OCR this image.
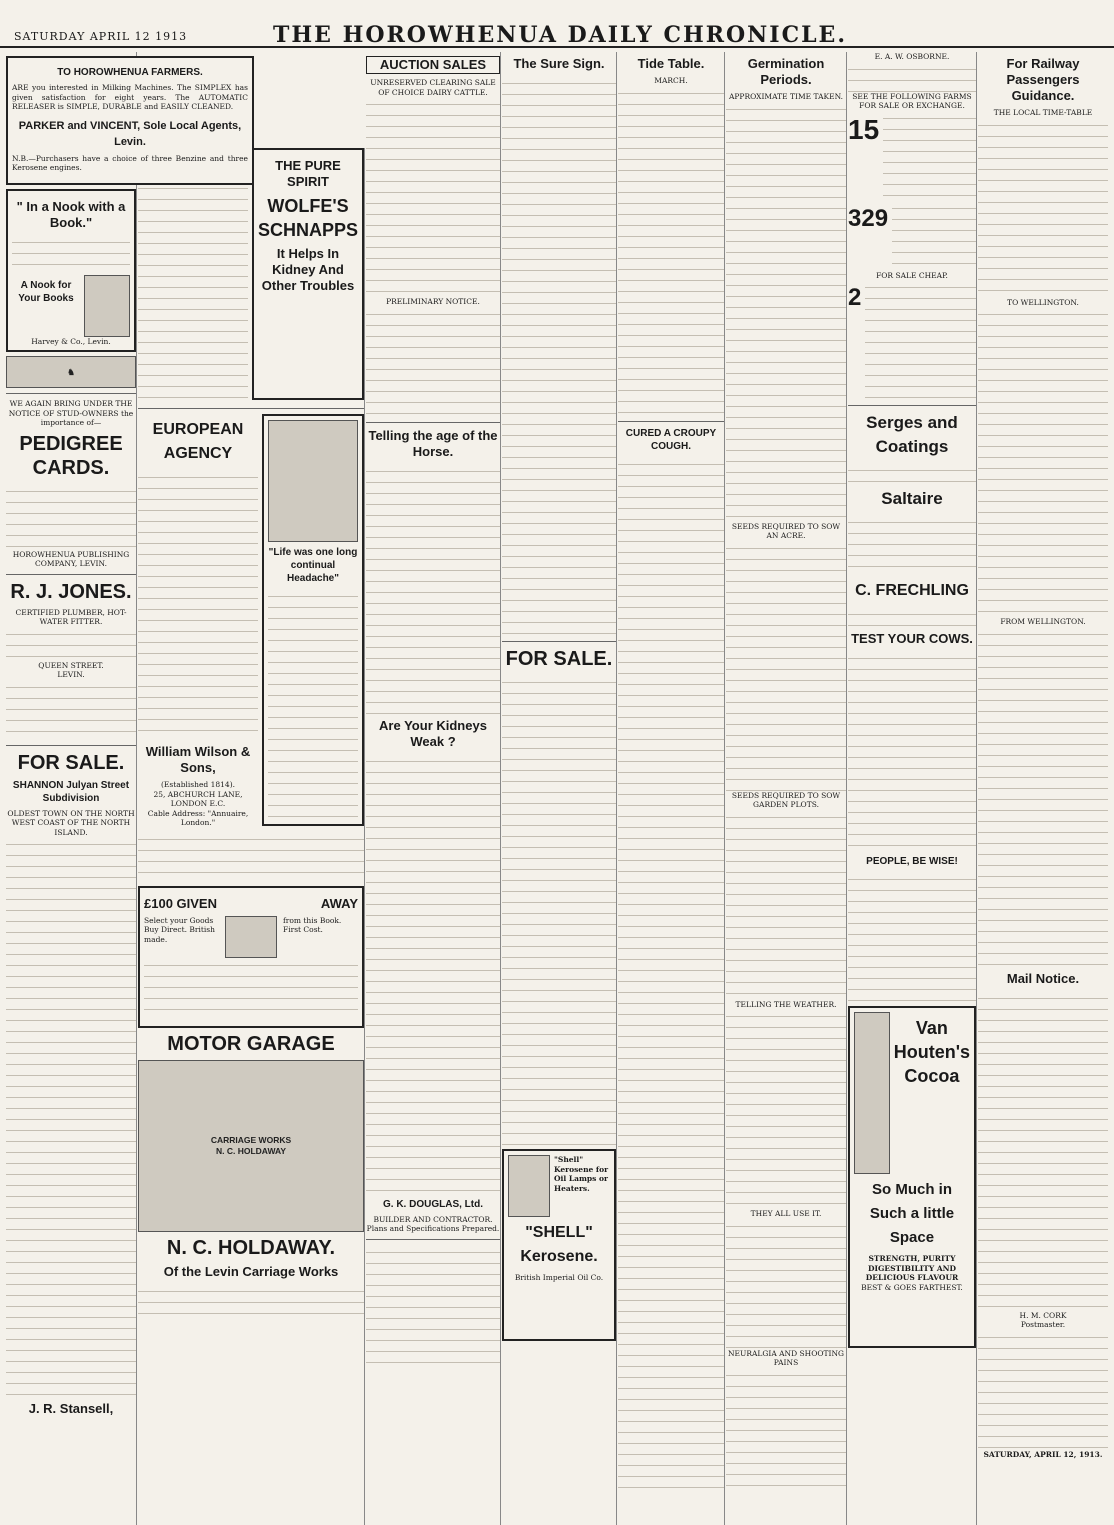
SATURDAY APRIL 12 1913	THE HOROWHENUA DAILY CHRONICLE.
TO HOROWHENUA FARMERS.

ARE you interested in Milking Machines. The SIMPLEX has given satisfaction for eight years. The AUTOMATIC RELEASER is SIMPLE, DURABLE and EASILY CLEANED.

PARKER and VINCENT, Sole Local Agents, Levin.

N.B.—Purchasers have a choice of three Benzine and three Kerosene engines.

" In a Nook with a Book."
A Nook for Your Books
Harvey & Co., Levin.
♞
WE AGAIN BRING UNDER THE NOTICE OF STUD-OWNERS the importance of—
PEDIGREE CARDS.
HOROWHENUA PUBLISHING COMPANY, LEVIN.
R. J. JONES.
CERTIFIED PLUMBER, HOT-WATER FITTER.
QUEEN STREET.
LEVIN.
FOR SALE.
SHANNON Julyan Street Subdivision
OLDEST TOWN ON THE NORTH WEST COAST OF THE NORTH ISLAND.
J. R. Stansell,
THE PURE SPIRIT
WOLFE'S SCHNAPPS
It Helps In Kidney And Other Troubles
EUROPEAN AGENCY
William Wilson & Sons,
(Established 1814).
25, ABCHURCH LANE, LONDON E.C.
Cable Address: "Annuaire, London."
"Life was one long continual Headache"
£100 GIVEN	AWAY
Select your Goods Buy Direct. British made.
from this Book. First Cost.
MOTOR GARAGE
CARRIAGE WORKS
N. C. HOLDAWAY
N. C. HOLDAWAY.
Of the Levin Carriage Works
AUCTION SALES
UNRESERVED CLEARING SALE OF CHOICE DAIRY CATTLE.
PRELIMINARY NOTICE.
Telling the age of the Horse.
Are Your Kidneys Weak ?
G. K. DOUGLAS, Ltd.
BUILDER AND CONTRACTOR.
Plans and Specifications Prepared.
The Sure Sign.
FOR SALE.
"Shell" Kerosene for Oil Lamps or Heaters.
"SHELL" Kerosene.
British Imperial Oil Co.
Tide Table.
MARCH.
CURED A CROUPY COUGH.
Germination Periods.
APPROXIMATE TIME TAKEN.
SEEDS REQUIRED TO SOW AN ACRE.
SEEDS REQUIRED TO SOW GARDEN PLOTS.
TELLING THE WEATHER.
THEY ALL USE IT.
NEURALGIA AND SHOOTING PAINS
E. A. W. OSBORNE.
SEE THE FOLLOWING FARMS FOR SALE OR EXCHANGE.
15
329
FOR SALE CHEAP.
2
Serges and Coatings
Saltaire
C. FRECHLING
TEST YOUR COWS.
PEOPLE, BE WISE!
Van Houten's Cocoa
So Much in Such a little Space
STRENGTH, PURITY DIGESTIBILITY AND DELICIOUS FLAVOUR
BEST & GOES FARTHEST.
For Railway Passengers Guidance.
THE LOCAL TIME-TABLE
TO WELLINGTON.
FROM WELLINGTON.
Mail Notice.
H. M. CORK
Postmaster.
SATURDAY, APRIL 12, 1913.
